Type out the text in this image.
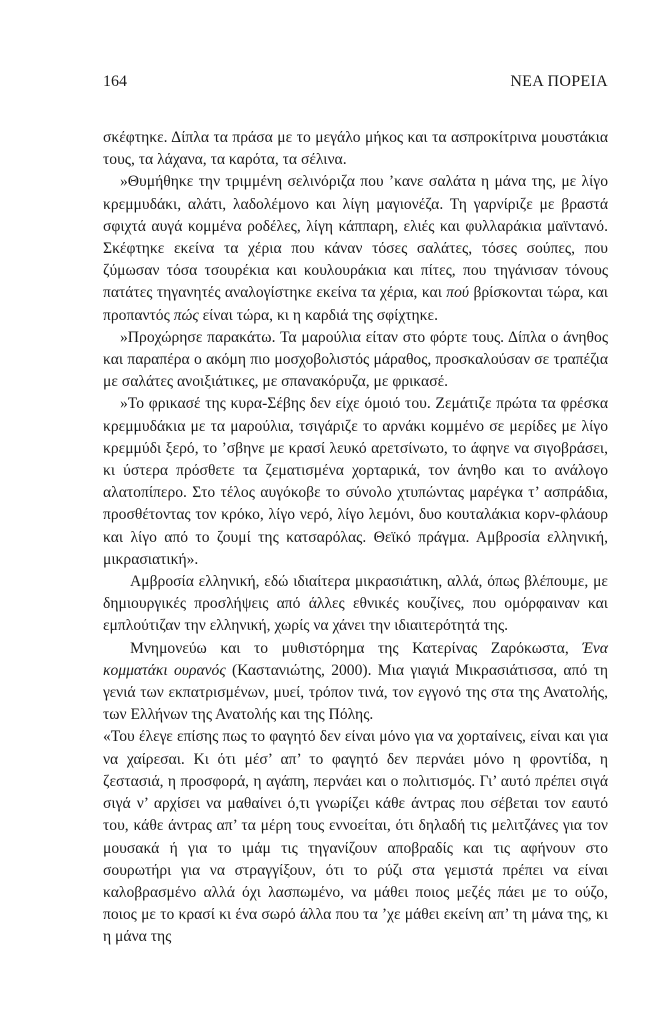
164	ΝΕΑ ΠΟΡΕΙΑ

σκέφτηκε. Δίπλα τα πράσα με το μεγάλο μήκος και τα ασπροκίτρινα μουστάκια τους, τα λάχανα, τα καρότα, τα σέλινα.

»Θυμήθηκε την τριμμένη σελινόριζα που ’κανε σαλάτα η μάνα της, με λίγο κρεμμυδάκι, αλάτι, λαδολέμονο και λίγη μαγιονέζα. Τη γαρνίριζε με βραστά σφιχτά αυγά κομμένα ροδέλες, λίγη κάππαρη, ελιές και φυλλαράκια μαϊντανό. Σκέφτηκε εκείνα τα χέρια που κάναν τόσες σαλάτες, τόσες σούπες, που ζύμωσαν τόσα τσουρέκια και κουλουράκια και πίτες, που τηγάνισαν τόνους πατάτες τηγανητές αναλογίστηκε εκείνα τα χέρια, και πού βρίσκονται τώρα, και προπαντός πώς είναι τώρα, κι η καρδιά της σφίχτηκε.

»Προχώρησε παρακάτω. Τα μαρούλια είταν στο φόρτε τους. Δίπλα ο άνηθος και παραπέρα ο ακόμη πιο μοσχοβολιστός μάραθος, προσκαλούσαν σε τραπέζια με σαλάτες ανοιξιάτικες, με σπανακόρυζα, με φρικασέ.

»Το φρικασέ της κυρα-Σέβης δεν είχε όμοιό του. Ζεμάτιζε πρώτα τα φρέσκα κρεμμυδάκια με τα μαρούλια, τσιγάριζε το αρνάκι κομμένο σε μερίδες με λίγο κρεμμύδι ξερό, το ’σβηνε με κρασί λευκό αρετσίνωτο, το άφηνε να σιγοβράσει, κι ύστερα πρόσθετε τα ζεματισμένα χορταρικά, τον άνηθο και το ανάλογο αλατοπίπερο. Στο τέλος αυγόκοβε το σύνολο χτυπώντας μαρέγκα τ’ ασπράδια, προσθέτοντας τον κρόκο, λίγο νερό, λίγο λεμόνι, δυο κουταλάκια κορν-φλάουρ και λίγο από το ζουμί της κατσαρόλας. Θεϊκό πράγμα. Αμβροσία ελληνική, μικρασιατική».

Αμβροσία ελληνική, εδώ ιδιαίτερα μικρασιάτικη, αλλά, όπως βλέπουμε, με δημιουργικές προσλήψεις από άλλες εθνικές κουζίνες, που ομόρφαιναν και εμπλούτιζαν την ελληνική, χωρίς να χάνει την ιδιαιτερότητά της.

Μνημονεύω και το μυθιστόρημα της Κατερίνας Ζαρόκωστα, Ένα κομματάκι ουρανός (Καστανιώτης, 2000). Μια γιαγιά Μικρασιάτισσα, από τη γενιά των εκπατρισμένων, μυεί, τρόπον τινά, τον εγγονό της στα της Ανατολής, των Ελλήνων της Ανατολής και της Πόλης.

«Του έλεγε επίσης πως το φαγητό δεν είναι μόνο για να χορταίνεις, είναι και για να χαίρεσαι. Κι ότι μέσ’ απ’ το φαγητό δεν περνάει μόνο η φροντίδα, η ζεστασιά, η προσφορά, η αγάπη, περνάει και ο πολιτισμός. Γι’ αυτό πρέπει σιγά σιγά ν’ αρχίσει να μαθαίνει ό,τι γνωρίζει κάθε άντρας που σέβεται τον εαυτό του, κάθε άντρας απ’ τα μέρη τους εννοείται, ότι δηλαδή τις μελιτζάνες για τον μουσακά ή για το ιμάμ τις τηγανίζουν αποβραδίς και τις αφήνουν στο σουρωτήρι για να στραγγίξουν, ότι το ρύζι στα γεμιστά πρέπει να είναι καλοβρασμένο αλλά όχι λασπωμένο, να μάθει ποιος μεζές πάει με το ούζο, ποιος με το κρασί κι ένα σωρό άλλα που τα ’χε μάθει εκείνη απ’ τη μάνα της, κι η μάνα της
